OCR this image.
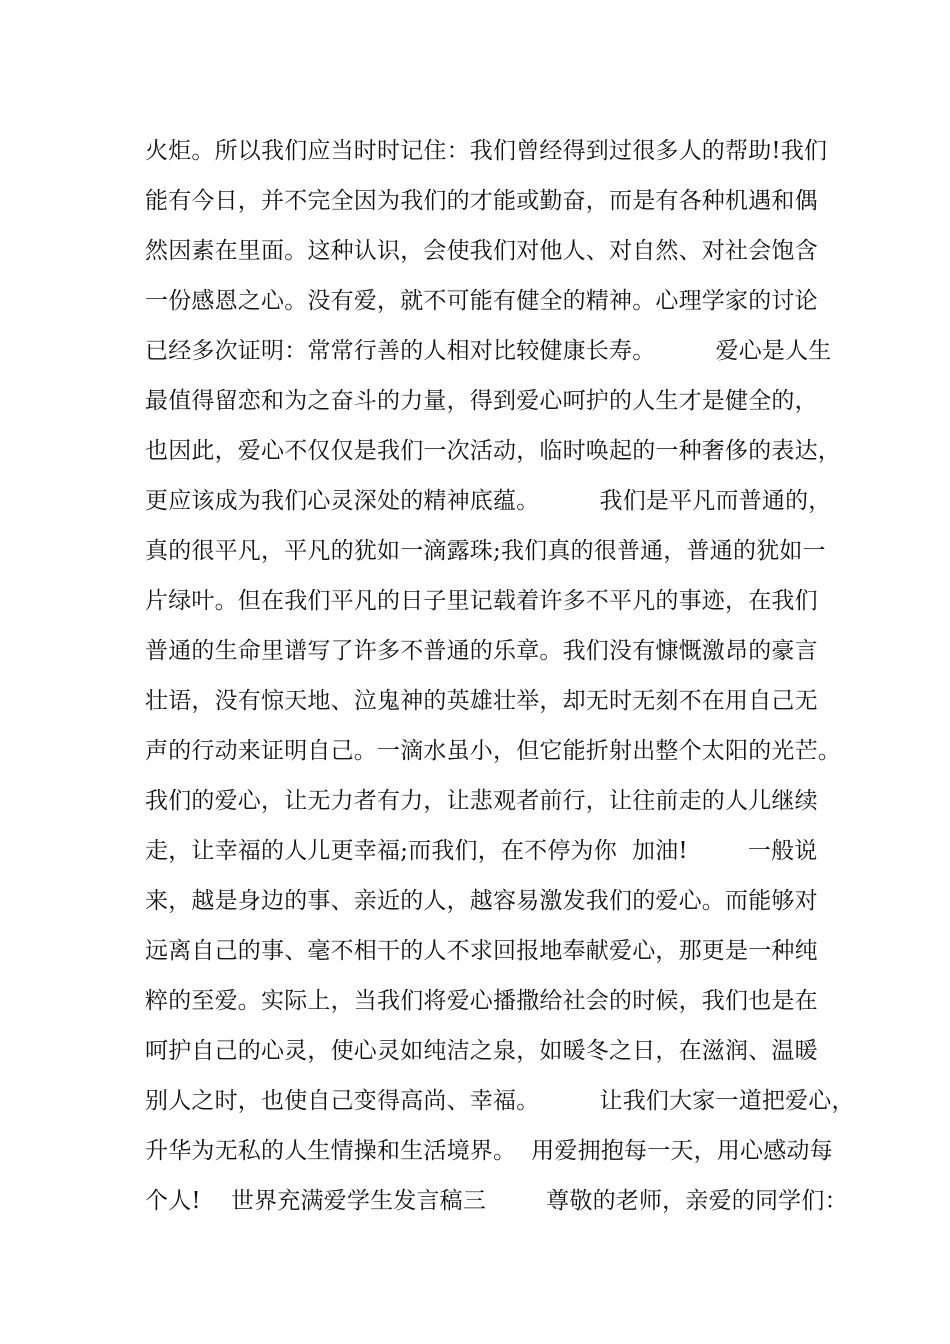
火炬。所以我们应当时时记住：我们曾经得到过很多人的帮助!我们
能有今日，并不完全因为我们的才能或勤奋，而是有各种机遇和偶
然因素在里面。这种认识，会使我们对他人、对自然、对社会饱含
一份感恩之心。没有爱，就不可能有健全的精神。心理学家的讨论
已经多次证明：常常行善的人相对比较健康长寿。        爱心是人生
最值得留恋和为之奋斗的力量，得到爱心呵护的人生才是健全的，
也因此，爱心不仅仅是我们一次活动，临时唤起的一种奢侈的表达，
更应该成为我们心灵深处的精神底蕴。        我们是平凡而普通的，
真的很平凡，平凡的犹如一滴露珠;我们真的很普通，普通的犹如一
片绿叶。但在我们平凡的日子里记载着许多不平凡的事迹，在我们
普通的生命里谱写了许多不普通的乐章。我们没有慷慨激昂的豪言
壮语，没有惊天地、泣鬼神的英雄壮举，却无时无刻不在用自己无
声的行动来证明自己。一滴水虽小，但它能折射出整个太阳的光芒。
我们的爱心，让无力者有力，让悲观者前行，让往前走的人儿继续
走，让幸福的人儿更幸福;而我们，在不停为你  加油!        一般说
来，越是身边的事、亲近的人，越容易激发我们的爱心。而能够对
远离自己的事、毫不相干的人不求回报地奉献爱心，那更是一种纯
粹的至爱。实际上，当我们将爱心播撒给社会的时候，我们也是在
呵护自己的心灵，使心灵如纯洁之泉，如暖冬之日，在滋润、温暖
别人之时，也使自己变得高尚、幸福。        让我们大家一道把爱心，
升华为无私的人生情操和生活境界。  用爱拥抱每一天，用心感动每
个人!    世界充满爱学生发言稿三        尊敬的老师，亲爱的同学们：
